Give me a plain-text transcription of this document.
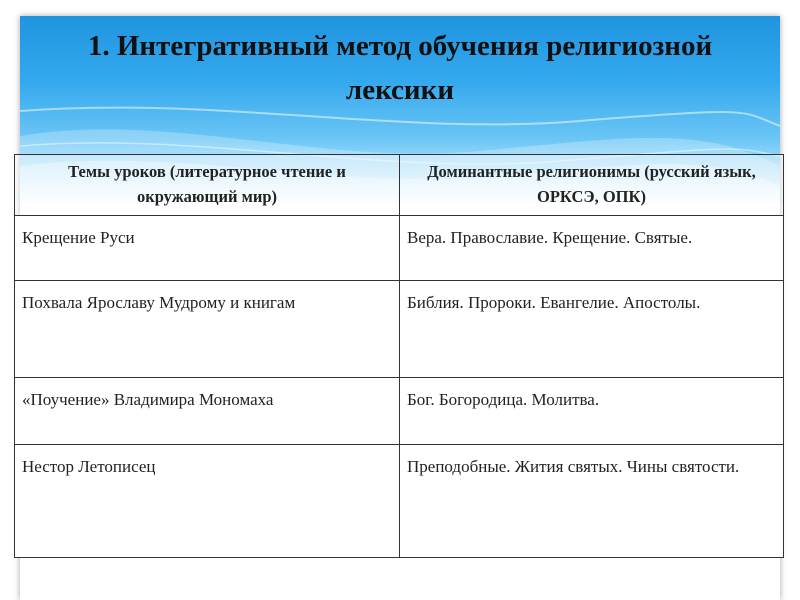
1. Интегративный метод обучения религиозной лексики
Темы уроков (литературное чтение и окружающий мир)	Доминантные религионимы (русский язык, ОРКСЭ, ОПК)
Крещение Руси	Вера. Православие. Крещение. Святые.
Похвала Ярославу Мудрому и книгам	Библия. Пророки. Евангелие. Апостолы.
«Поучение» Владимира Мономаха	Бог. Богородица. Молитва.
Нестор Летописец	Преподобные. Жития святых. Чины святости.
